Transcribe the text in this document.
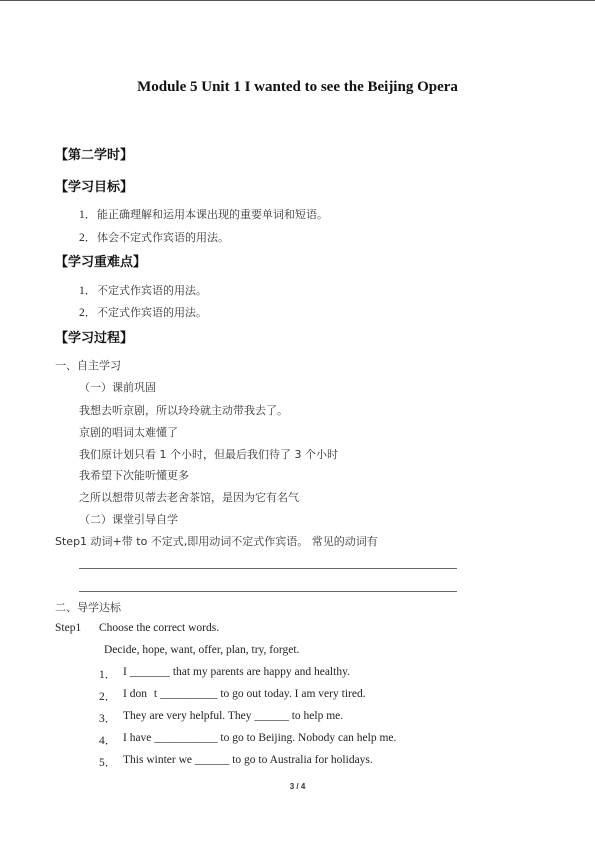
Module 5 Unit 1 I wanted to see the Beijing Opera
【第二学时】
【学习目标】
1． 能正确理解和运用本课出现的重要单词和短语。
2． 体会不定式作宾语的用法。
【学习重难点】
1． 不定式作宾语的用法。
2． 不定式作宾语的用法。
【学习过程】
一、自主学习
（一）课前巩固
我想去听京剧，所以玲玲就主动带我去了。
京剧的唱词太难懂了
我们原计划只看 1 个小时，但最后我们待了 3 个小时
我希望下次能听懂更多
之所以想带贝蒂去老舍茶馆，是因为它有名气
（二）课堂引导自学
Step1 动词+带 to 不定式,即用动词不定式作宾语。 常见的动词有
二、导学达标
Step1 Choose the correct words.
Decide, hope, want, offer, plan, try, forget.
1． I _______ that my parents are happy and healthy.
2． I dont __________ to go out today. I am very tired.
3． They are very helpful. They ______ to help me.
4． I have ___________ to go to Beijing. Nobody can help me.
5． This winter we ______ to go to Australia for holidays.
3 / 4
